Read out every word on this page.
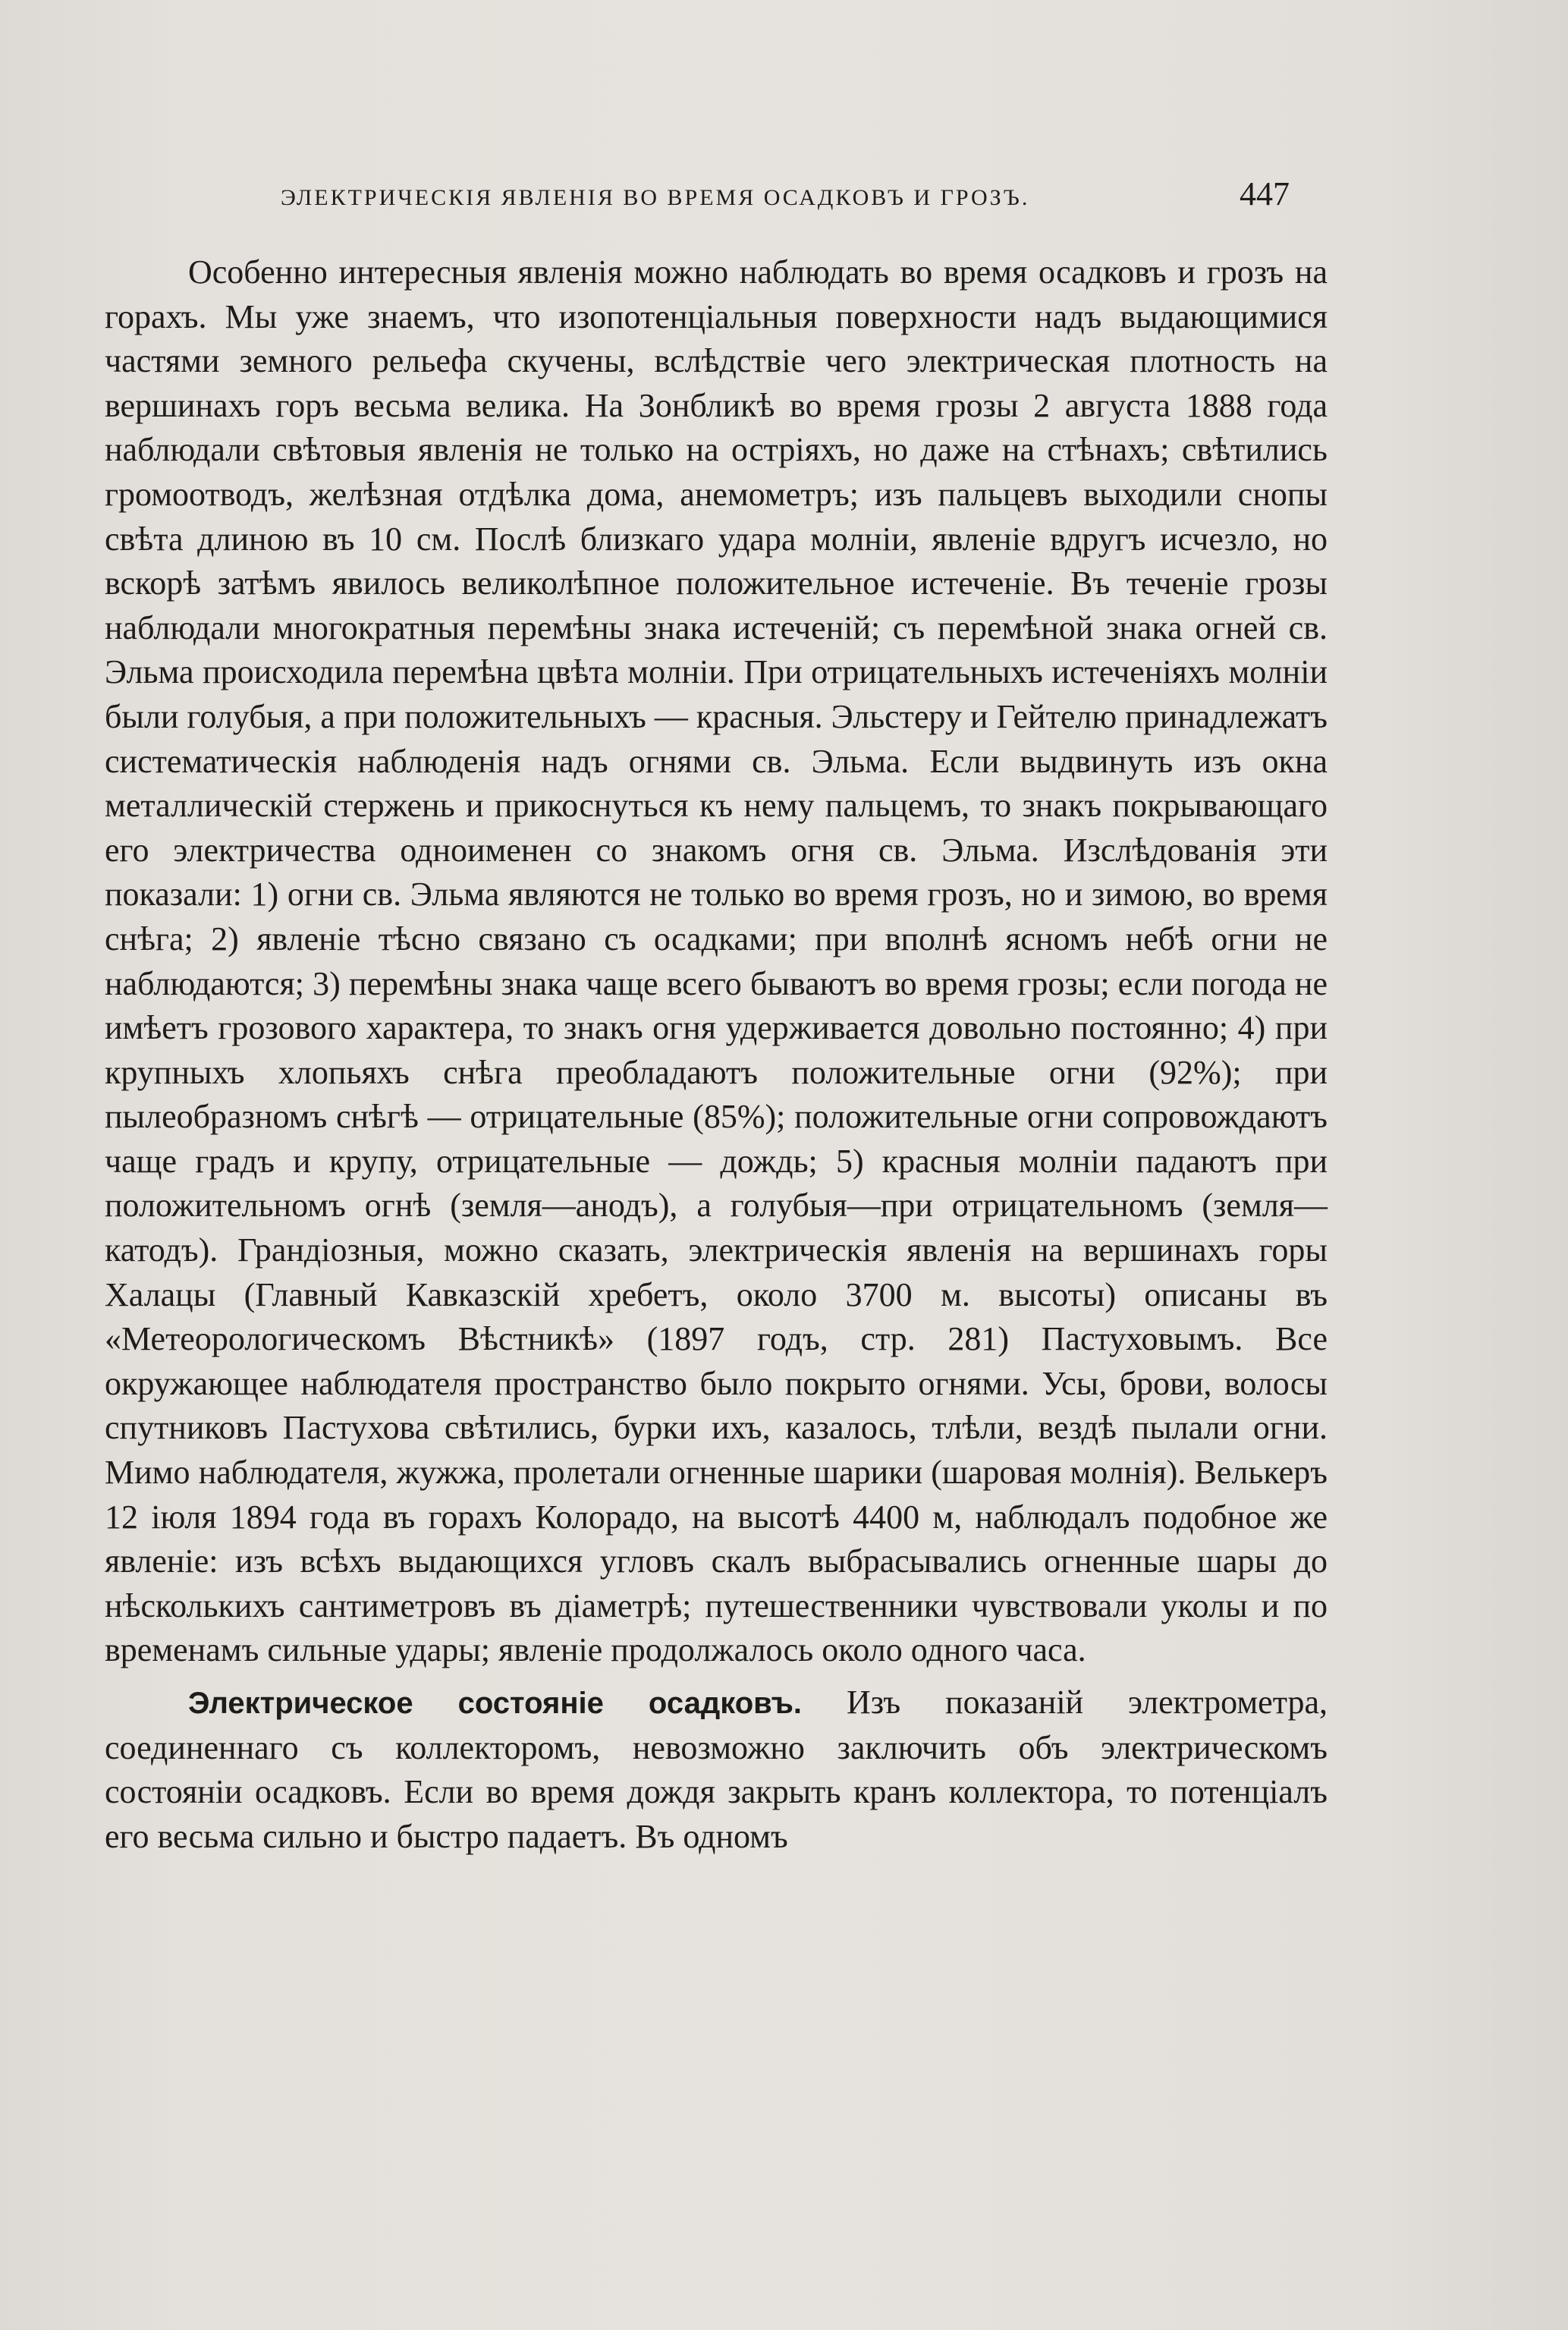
ЭЛЕКТРИЧЕСКІЯ ЯВЛЕНІЯ ВО ВРЕМЯ ОСАДКОВЪ И ГРОЗЪ.	447

Особенно интересныя явленія можно наблюдать во время осадковъ и грозъ на горахъ. Мы уже знаемъ, что изопотенціальныя поверхности надъ выдающимися частями земного рельефа скучены, вслѣдствіе чего электрическая плотность на вершинахъ горъ весьма велика. На Зонбликѣ во время грозы 2 августа 1888 года наблюдали свѣтовыя явленія не только на остріяхъ, но даже на стѣнахъ; свѣтились громоотводъ, желѣзная отдѣлка дома, анемометръ; изъ пальцевъ выходили снопы свѣта длиною въ 10 см. Послѣ близкаго удара молніи, явленіе вдругъ исчезло, но вскорѣ затѣмъ явилось великолѣпное положительное истеченіе. Въ теченіе грозы наблюдали многократныя перемѣны знака истеченій; съ перемѣной знака огней св. Эльма происходила перемѣна цвѣта молніи. При отрицательныхъ истеченіяхъ молніи были голубыя, а при положительныхъ — красныя. Эльстеру и Гейтелю принадлежатъ систематическія наблюденія надъ огнями св. Эльма. Если выдвинуть изъ окна металлическій стержень и прикоснуться къ нему пальцемъ, то знакъ покрывающаго его электричества одноименен со знакомъ огня св. Эльма. Изслѣдованія эти показали: 1) огни св. Эльма являются не только во время грозъ, но и зимою, во время снѣга; 2) явленіе тѣсно связано съ осадками; при вполнѣ ясномъ небѣ огни не наблюдаются; 3) перемѣны знака чаще всего бываютъ во время грозы; если погода не имѣетъ грозового характера, то знакъ огня удерживается довольно постоянно; 4) при крупныхъ хлопьяхъ снѣга преобладаютъ положительные огни (92%); при пылеобразномъ снѣгѣ — отрицательные (85%); положительные огни сопровождаютъ чаще градъ и крупу, отрицательные — дождь; 5) красныя молніи падаютъ при положительномъ огнѣ (земля—анодъ), а голубыя—при отрицательномъ (земля—катодъ). Грандіозныя, можно сказать, электрическія явленія на вершинахъ горы Халацы (Главный Кавказскій хребетъ, около 3700 м. высоты) описаны въ «Метеорологическомъ Вѣстникѣ» (1897 годъ, стр. 281) Пастуховымъ. Все окружающее наблюдателя пространство было покрыто огнями. Усы, брови, волосы спутниковъ Пастухова свѣтились, бурки ихъ, казалось, тлѣли, вездѣ пылали огни. Мимо наблюдателя, жужжа, пролетали огненные шарики (шаровая молнія). Велькеръ 12 іюля 1894 года въ горахъ Колорадо, на высотѣ 4400 м, наблюдалъ подобное же явленіе: изъ всѣхъ выдающихся угловъ скалъ выбрасывались огненные шары до нѣсколькихъ сантиметровъ въ діаметрѣ; путешественники чувствовали уколы и по временамъ сильные удары; явленіе продолжалось около одного часа.

Электрическое состояніе осадковъ. Изъ показаній электрометра, соединеннаго съ коллекторомъ, невозможно заключить объ электрическомъ состояніи осадковъ. Если во время дождя закрыть кранъ коллектора, то потенціалъ его весьма сильно и быстро падаетъ. Въ одномъ
